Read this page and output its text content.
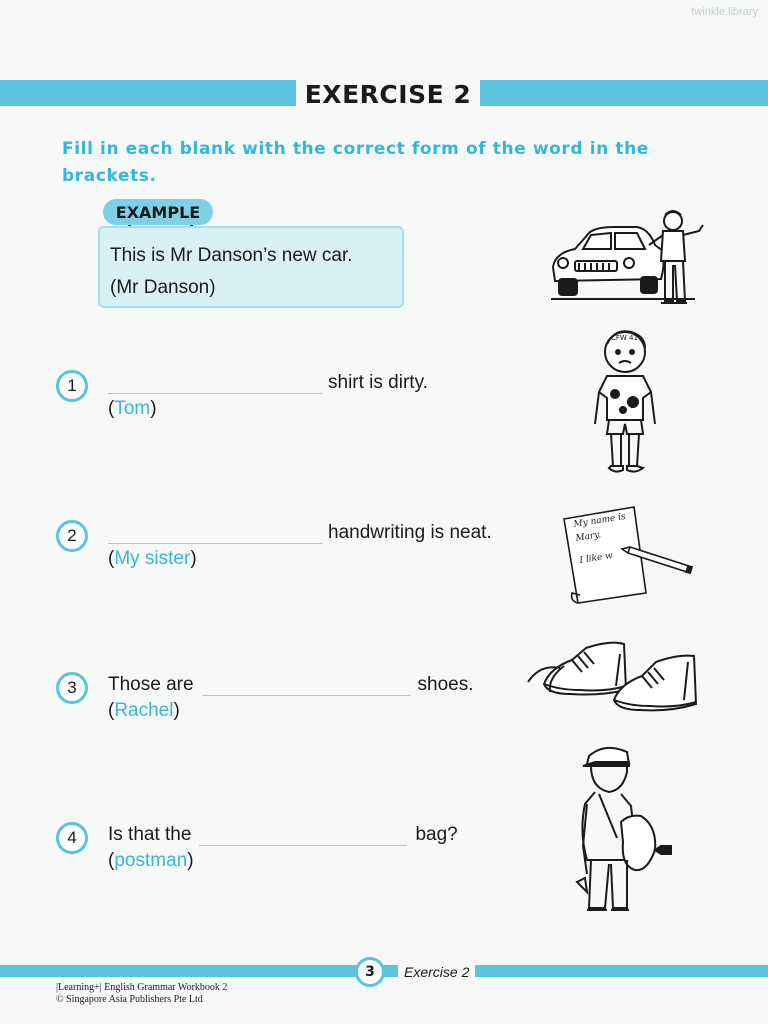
twinkle.library
EXERCISE 2
Fill in each blank with the correct form of the word in the brackets.
This is Mr Danson’s new car.
(Mr Danson)
EXAMPLE
1	shirt is dirty.
(Tom)
CFW 41
2	handwriting is neat.
(My sister)
My name is
Mary.
I like w
3	Those are	shoes.
(Rachel)
4	Is that the	bag?
(postman)
3	Exercise 2
|Learning+| English Grammar Workbook 2
© Singapore Asia Publishers Pte Ltd
